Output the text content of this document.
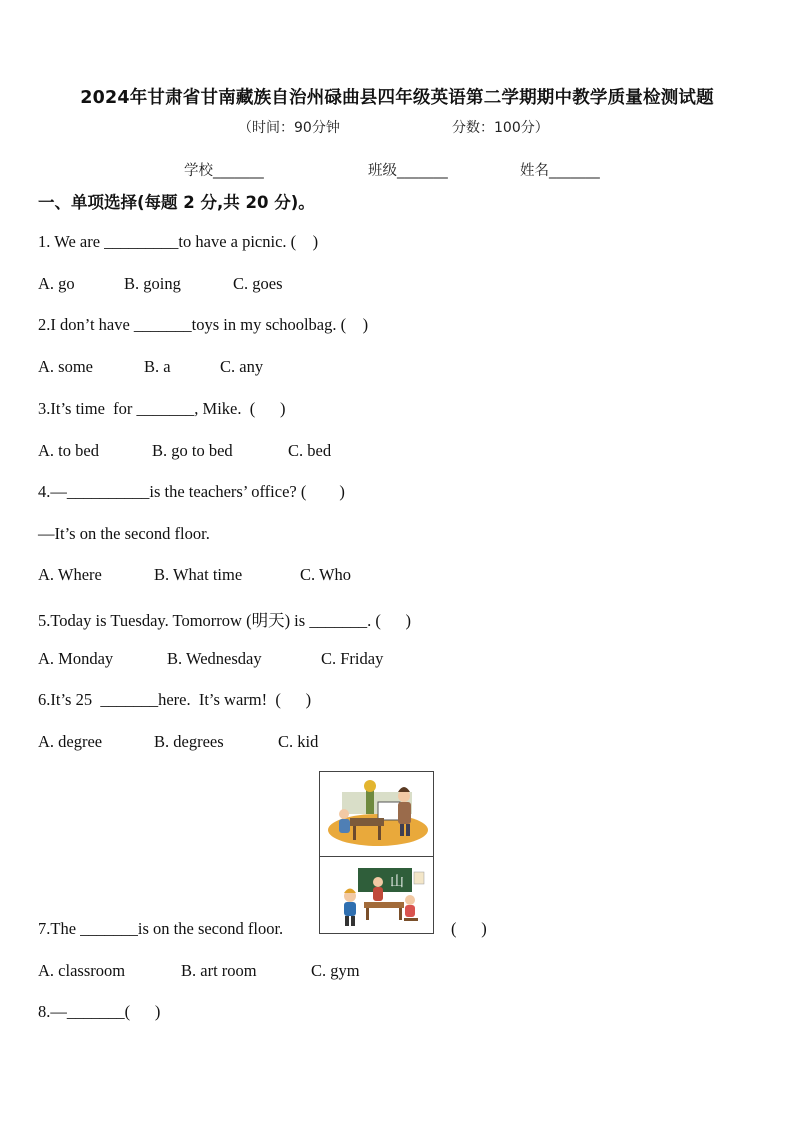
2024年甘肃省甘南藏族自治州碌曲县四年级英语第二学期期中教学质量检测试题
（时间：90分钟	分数：100分）
学校_______	班级_______	姓名_______
一、单项选择(每题 2 分,共 20 分)。
1. We are _________to have a picnic. (    )
A. go	B. going	C. goes
2.I don’t have _______toys in my schoolbag. (    )
A. some	B. a	C. any
3.It’s time  for _______, Mike.  (      )
A. to bed	B. go to bed	C. bed
4.—__________is the teachers’ office? (        )
—It’s on the second floor.
A. Where	B. What time	C. Who
5.Today is Tuesday. Tomorrow (明天) is _______. (      )
A. Monday	B. Wednesday	C. Friday
6.It’s 25  _______here.  It’s warm!  (      )
A. degree	B. degrees	C. kid
山
7.The _______is on the second floor.	(      )
A. classroom	B. art room	C. gym
8.—_______(      )
